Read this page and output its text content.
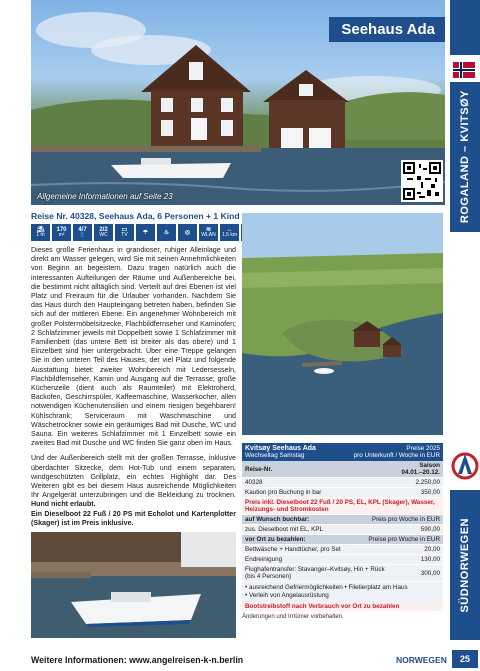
Seehaus Ada
Allgemeine Informationen auf Seite 23	ROGALAND – KVITSØY
SÜDNORWEGEN
Reise Nr. 40328, Seehaus Ada, 6 Personen + 1 Kind
⛱
1 m
170
m²
4/7
👤
2/2
WC
▭
TV	☂	♨	◎	≋
WLAN
↔
1,5 km

Dieses große Ferienhaus in grandioser, ruhiger Alleinlage und direkt am Wasser gelegen, wird Sie mit seinen Annehmlichkeiten von Beginn an begeistern. Dazu tragen natürlich auch die interessanten Aufteilungen der Räume und Außenbereiche bei, die bestimmt nicht alltäglich sind. Verteilt auf drei Ebenen ist viel Platz und Freiraum für die Urlauber vorhanden. Nachdem Sie das Haus durch den Haupteingang betreten haben, befinden Sie sich auf der mittleren Ebene. Ein angenehmer Wohnbereich mit großer Polstermöbelsitzecke, Flachbildfernseher und Kaminofen; 2 Schlafzimmer jeweils mit Doppelbett sowie 1 Schlafzimmer mit Familienbett (das untere Bett ist breiter als das obere) und 1 Einzelbett sind hier untergebracht. Über eine Treppe gelangen Sie in den unteren Teil des Hauses, der viel Platz und folgende Ausstattung bietet: zweiter Wohnbereich mit Ledersesseln, Flachbildfernseher, Kamin und Ausgang auf die Terrasse; große Küchenzeile (dient auch als Raumteiler) mit Elektroherd, Backofen, Geschirrspüler, Kaffeemaschine, Wasserkocher, allen notwendigen Küchenutensilien und einem riesigen begehbaren! Kühlschrank; Serviceraum mit Waschmaschine und Wäschetrockner sowie ein geräumiges Bad mit Dusche, WC und Sauna. Ein weiteres Schlafzimmer mit 1 Einzelbett sowie ein zweites Bad mit Dusche und WC finden Sie ganz oben im Haus.

Und der Außenbereich stellt mit der großen Terrasse, inklusive überdachter Sitzecke, dem Hot-Tub und einem separaten, windgeschützten Grillplatz, ein echtes Highlight dar. Des Weiteren gibt es bei diesem Haus ausreichende Möglichkeiten Ihr Angelgerät unterzubringen und die Bekleidung zu trocknen. Hund nicht erlaubt.
Ein Dieselboot 22 Fuß / 20 PS mit Echolot und Kartenplotter (Skager) ist im Preis inklusive.

Kvitsøy Seehaus Ada
Wechseltag Samstag
Preise 2025
pro Unterkunft / Woche in EUR
Reise-Nr.	Saison
04.01.–20.12.
40328	2.250,00
Kaution pro Buchung in bar	350,00
Preis inkl. Dieselboot 22 Fuß / 20 PS, EL, KPL (Skager), Wasser, Heizungs- und Stromkosten
auf Wunsch buchbar:	Preis pro Woche in EUR
zus. Dieselboot mit EL, KPL	590,00
vor Ort zu bezahlen:	Preise pro Woche in EUR
Bettwäsche + Handtücher, pro Set	20,00
Endreinigung	130,00
Flughafentransfer: Stavanger–Kvitsøy, Hin + Rück (bis 4 Personen)	300,00
• ausreichend Gefriermöglichkeiten • Filetierplatz am Haus
• Verleih von Angelausrüstung
Bootstreibstoff nach Verbrauch vor Ort zu bezahlen
Änderungen und Irrtümer vorbehalten.
Weitere Informationen: www.angelreisen-k-n.berlin	NORWEGEN	25
